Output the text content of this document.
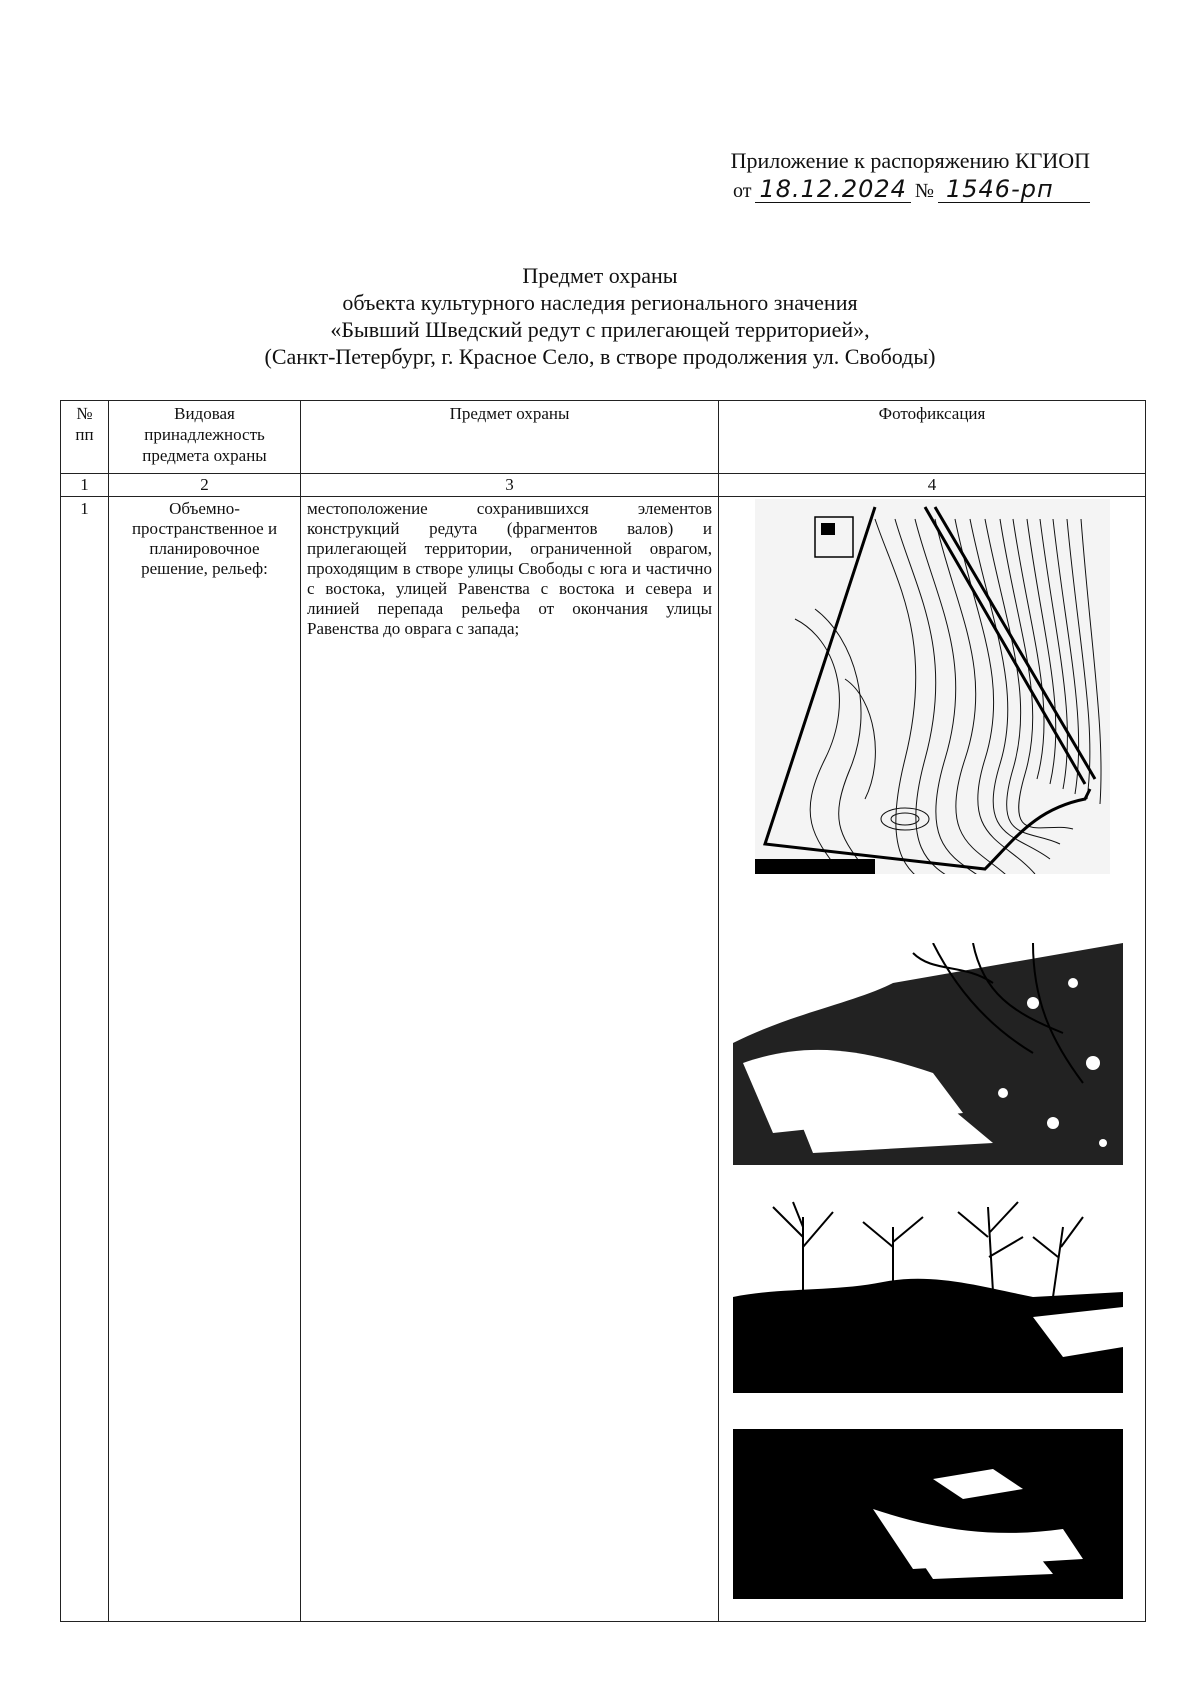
Приложение к распоряжению КГИОП
от 18.12.2024 № 1546-рп
Предмет охраны
объекта культурного наследия регионального значения
«Бывший Шведский редут с прилегающей территорией»,
(Санкт-Петербург, г. Красное Село, в створе продолжения ул. Свободы)
№ пп	Видовая принадлежность предмета охраны	Предмет охраны	Фотофиксация
1	2	3	4
1	Объемно-пространственное и планировочное решение, рельеф:	местоположение сохранившихся элементов конструкций редута (фрагментов валов) и прилегающей территории, ограниченной оврагом, проходящим в створе улицы Свободы с юга и частично с востока, улицей Равенства с востока и севера и линией перепада рельефа от окончания улицы Равенства до оврага с запада;	
